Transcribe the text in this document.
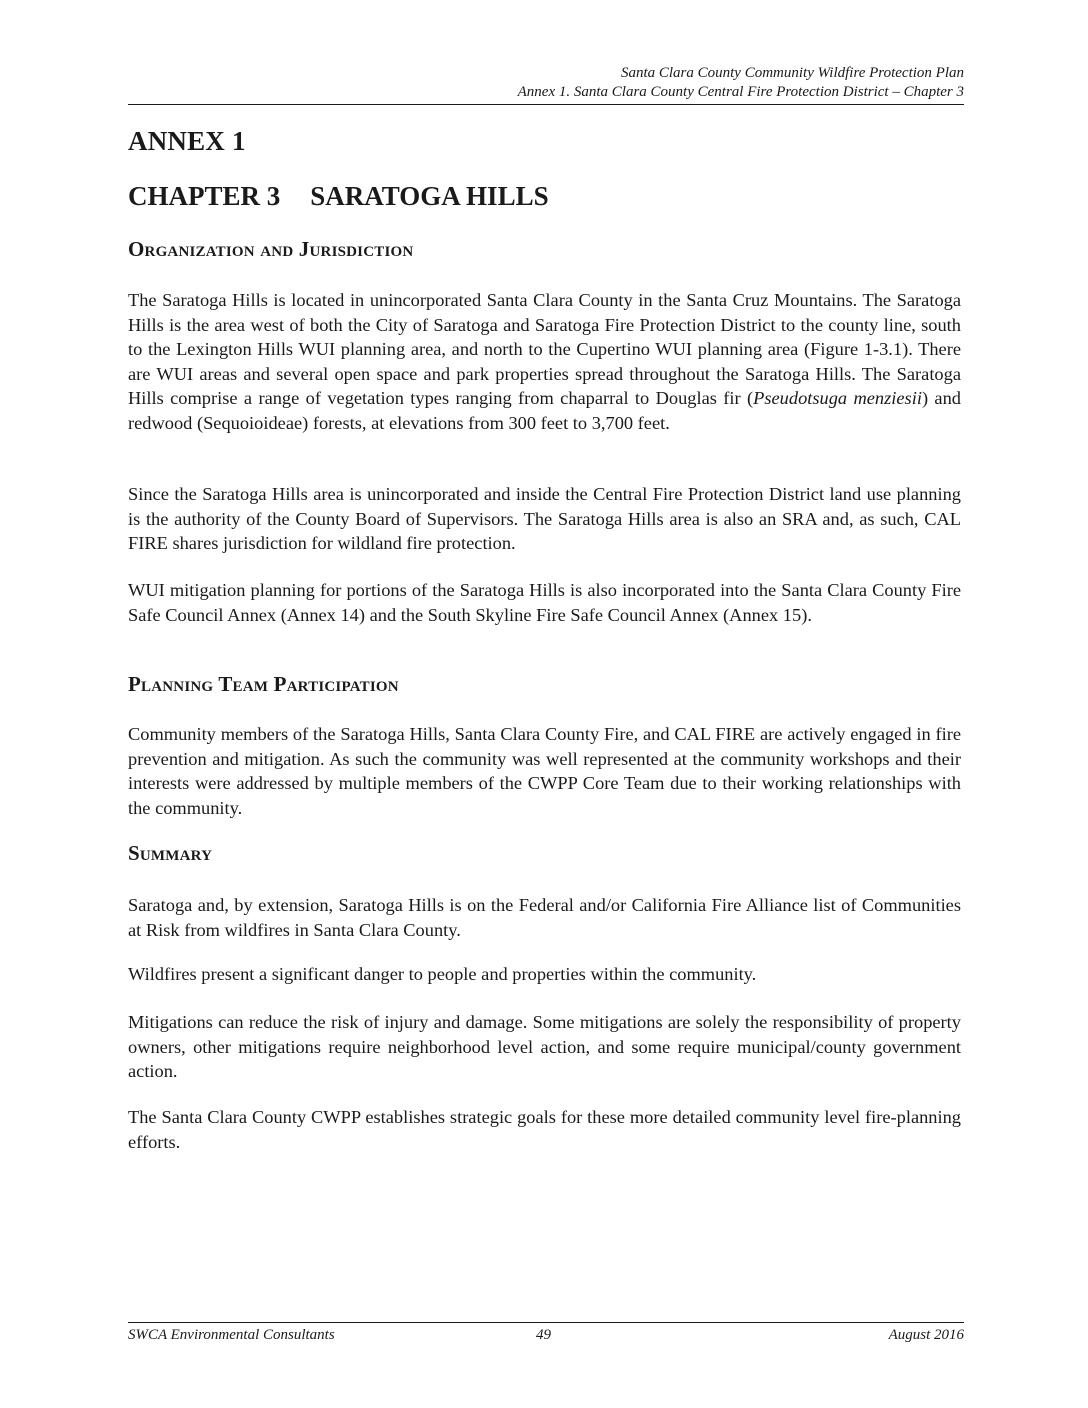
Santa Clara County Community Wildfire Protection Plan
Annex 1. Santa Clara County Central Fire Protection District – Chapter 3
ANNEX 1
CHAPTER 3 SARATOGA HILLS
Organization and Jurisdiction

The Saratoga Hills is located in unincorporated Santa Clara County in the Santa Cruz Mountains. The Saratoga Hills is the area west of both the City of Saratoga and Saratoga Fire Protection District to the county line, south to the Lexington Hills WUI planning area, and north to the Cupertino WUI planning area (Figure 1-3.1). There are WUI areas and several open space and park properties spread throughout the Saratoga Hills. The Saratoga Hills comprise a range of vegetation types ranging from chaparral to Douglas fir (Pseudotsuga menziesii) and redwood (Sequoioideae) forests, at elevations from 300 feet to 3,700 feet.

Since the Saratoga Hills area is unincorporated and inside the Central Fire Protection District land use planning is the authority of the County Board of Supervisors. The Saratoga Hills area is also an SRA and, as such, CAL FIRE shares jurisdiction for wildland fire protection.

WUI mitigation planning for portions of the Saratoga Hills is also incorporated into the Santa Clara County Fire Safe Council Annex (Annex 14) and the South Skyline Fire Safe Council Annex (Annex 15).

Planning Team Participation

Community members of the Saratoga Hills, Santa Clara County Fire, and CAL FIRE are actively engaged in fire prevention and mitigation. As such the community was well represented at the community workshops and their interests were addressed by multiple members of the CWPP Core Team due to their working relationships with the community.

Summary

Saratoga and, by extension, Saratoga Hills is on the Federal and/or California Fire Alliance list of Communities at Risk from wildfires in Santa Clara County.

Wildfires present a significant danger to people and properties within the community.

Mitigations can reduce the risk of injury and damage. Some mitigations are solely the responsibility of property owners, other mitigations require neighborhood level action, and some require municipal/county government action.

The Santa Clara County CWPP establishes strategic goals for these more detailed community level fire-planning efforts.

SWCA Environmental Consultants	49	August 2016
